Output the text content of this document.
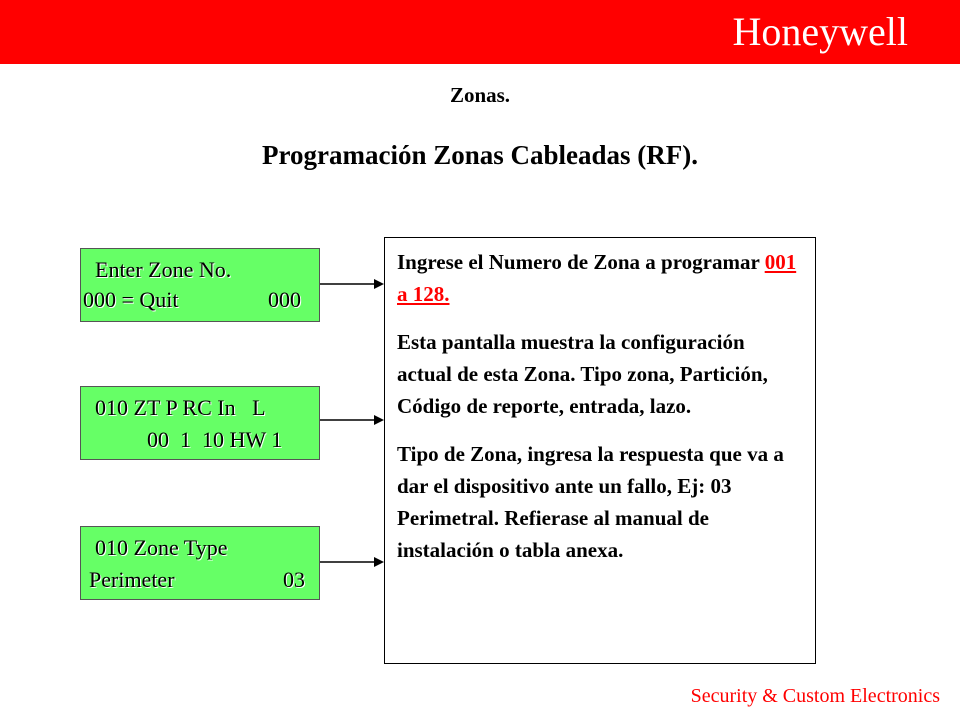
Honeywell
Zonas.
Programación Zonas Cableadas (RF).

Enter Zone No.

000 = Quit

	000

010 ZT P RC In   L

00  1  10 HW 1

010 Zone Type

Perimeter

	03

Ingrese el Numero de Zona a programar 001 a 128.

Esta pantalla muestra la configuración actual de esta Zona. Tipo zona, Partición, Código de reporte, entrada, lazo.

Tipo de Zona, ingresa la respuesta que va a dar el dispositivo ante un fallo, Ej: 03 Perimetral. Refierase al manual de instalación o tabla anexa.

Security & Custom Electronics
